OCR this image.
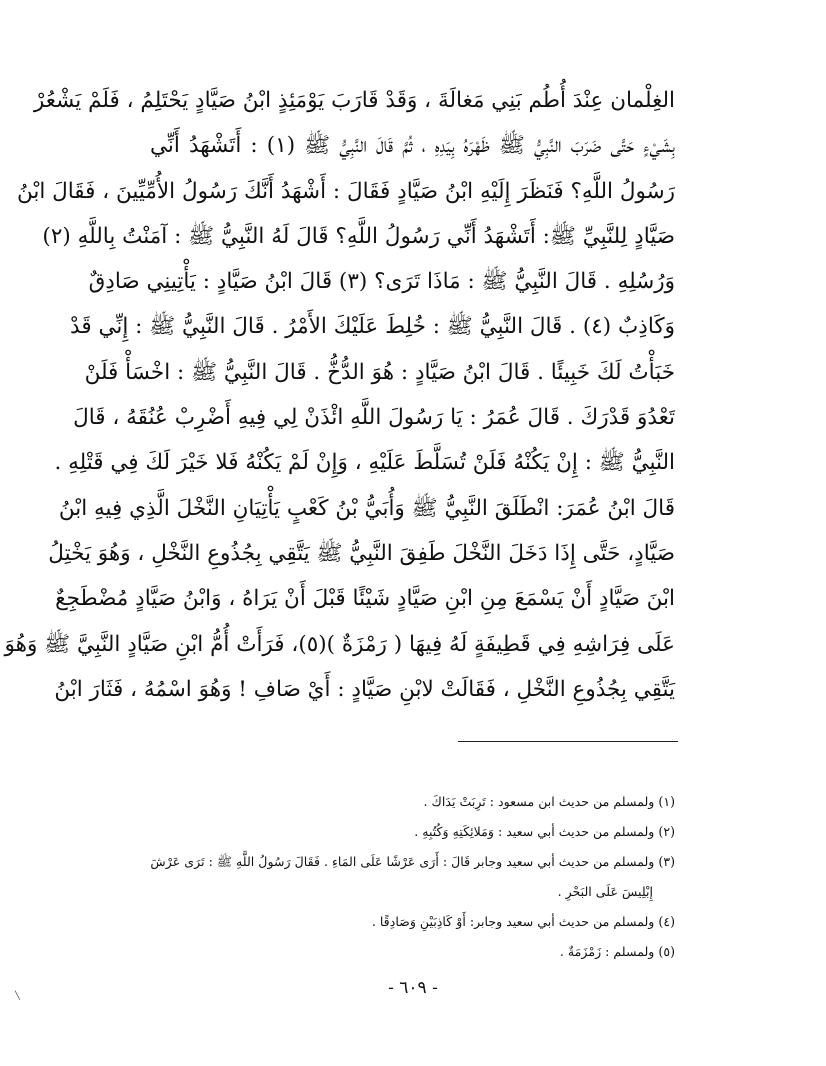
الغِلْمان عِنْدَ أُطُم بَنِي مَغالَةَ ، وَقَدْ قَارَبَ يَوْمَئِذٍ ابْنُ صَيَّادٍ يَحْتَلِمُ ، فَلَمْ يَشْعُرْ
بِشَيْءٍ حَتَّى ضَرَبَ النَّبِيُّ ﷺ ظَهْرَهُ بِيَدِهِ ، ثُمَّ قَالَ النَّبِيُّ ﷺ (١) : أَتَشْهَدُ أَنِّي
رَسُولُ اللَّهِ؟ فَنَظَرَ إِلَيْهِ ابْنُ صَيَّادٍ فَقَالَ : أَشْهَدُ أَنَّكَ رَسُولُ الأُمِّيِّينَ ، فَقَالَ ابْنُ
صَيَّادٍ لِلنَّبِيِّ ﷺ: أَتَشْهَدُ أَنِّي رَسُولُ اللَّهِ؟ قَالَ لَهُ النَّبِيُّ ﷺ : آمَنْتُ بِاللَّهِ (٢)
وَرُسُلِهِ . قَالَ النَّبِيُّ ﷺ : مَاذَا تَرَى؟ (٣) قَالَ ابْنُ صَيَّادٍ : يَأْتِينِي صَادِقٌ
وَكَاذِبٌ (٤) . قَالَ النَّبِيُّ ﷺ : خُلِطَ عَلَيْكَ الأَمْرُ . قَالَ النَّبِيُّ ﷺ : إِنِّي قَدْ
خَبَأْتُ لَكَ خَبِيئًا . قَالَ ابْنُ صَيَّادٍ : هُوَ الدُّخُّ . قَالَ النَّبِيُّ ﷺ : اخْسَأْ فَلَنْ
تَعْدُوَ قَدْرَكَ . قَالَ عُمَرُ : يَا رَسُولَ اللَّهِ ائْذَنْ لِي فِيهِ أَضْرِبْ عُنُقَهُ ، قَالَ
النَّبِيُّ ﷺ : إِنْ يَكُنْهُ فَلَنْ تُسَلَّطَ عَلَيْهِ ، وَإِنْ لَمْ يَكُنْهُ فَلا خَيْرَ لَكَ فِي قَتْلِهِ .
قَالَ ابْنُ عُمَرَ: انْطَلَقَ النَّبِيُّ ﷺ وَأُبَيُّ بْنُ كَعْبٍ يَأْتِيَانِ النَّخْلَ الَّذِي فِيهِ ابْنُ
صَيَّادٍ، حَتَّى إِذَا دَخَلَ النَّخْلَ طَفِقَ النَّبِيُّ ﷺ يَتَّقِي بِجُذُوعِ النَّخْلِ ، وَهُوَ يَخْتِلُ
ابْنَ صَيَّادٍ أَنْ يَسْمَعَ مِنِ ابْنِ صَيَّادٍ شَيْئًا قَبْلَ أَنْ يَرَاهُ ، وَابْنُ صَيَّادٍ مُضْطَجِعٌ
عَلَى فِرَاشِهِ فِي قَطِيفَةٍ لَهُ فِيهَا ( رَمْزَةٌ )(٥)، فَرَأَتْ أُمُّ ابْنِ صَيَّادٍ النَّبِيَّ ﷺ وَهُوَ
يَتَّقِي بِجُذُوعِ النَّخْلِ ، فَقَالَتْ لابْنِ صَيَّادٍ : أَيْ صَافِ ! وَهُوَ اسْمُهُ ، فَثَارَ ابْنُ
(١) ولمسلم من حديث ابن مسعود : تَرِبَتْ يَدَاكَ .
(٢) ولمسلم من حديث أبي سعيد : وَمَلائِكَتِهِ وَكُتُبِهِ .
(٣) ولمسلم من حديث أبي سعيد وجابر قَالَ : أَرَى عَرْشًا عَلَى المَاءِ . فَقَالَ رَسُولُ اللَّهِ ﷺ : تَرَى عَرْشَ
إِبْلِيسَ عَلَى البَحْرِ .
(٤) ولمسلم من حديث أبي سعيد وجابر: أَوْ كَاذِبَيْنِ وَصَادِقًا .
(٥) ولمسلم : زَمْزَمَةٌ .
- ٦٠٩ -
╲
